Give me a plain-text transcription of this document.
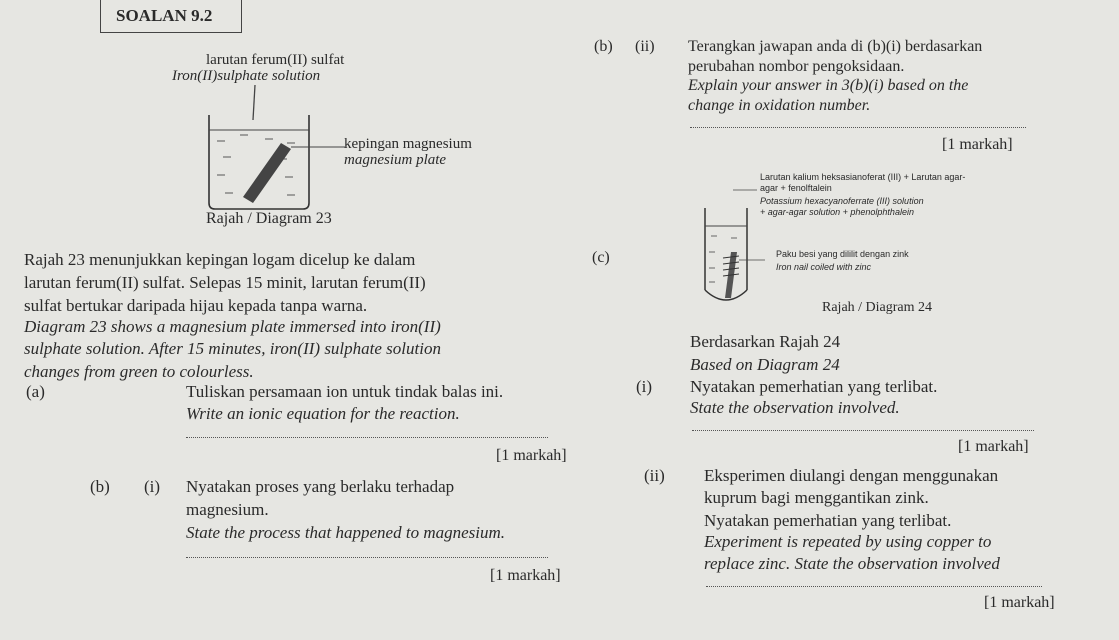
SOALAN 9.2
larutan ferum(II) sulfat
Iron(II)sulphate solution
kepingan magnesium
magnesium plate
Rajah / Diagram 23
Rajah 23 menunjukkan kepingan logam dicelup ke dalam
larutan ferum(II) sulfat. Selepas 15 minit, larutan ferum(II)
sulfat bertukar daripada hijau kepada tanpa warna.
Diagram 23 shows a magnesium plate immersed into iron(II)
sulphate solution. After 15 minutes, iron(II) sulphate solution
changes from green to colourless.
(a)	Tuliskan persamaan ion untuk tindak balas ini.
Write an ionic equation for the reaction.
[1 markah]
(b) (i) Nyatakan proses yang berlaku terhadap
magnesium.
State the process that happened to magnesium.
[1 markah]
(b) (ii) Terangkan jawapan anda di (b)(i) berdasarkan
perubahan nombor pengoksidaan.
Explain your answer in 3(b)(i) based on the
change in oxidation number.
[1 markah]
(c)
Larutan kalium heksasianoferat (III) + Larutan agar-
agar + fenolftalein
Potassium hexacyanoferrate (III) solution
+ agar-agar solution + phenolphthalein
Paku besi yang dililit dengan zink
Iron nail coiled with zinc
Rajah / Diagram 24
Berdasarkan Rajah 24
Based on Diagram 24
(i) Nyatakan pemerhatian yang terlibat.
State the observation involved.
[1 markah]
(ii) Eksperimen diulangi dengan menggunakan
kuprum bagi menggantikan zink.
Nyatakan pemerhatian yang terlibat.
Experiment is repeated by using copper to
replace zinc. State the observation involved
[1 markah]
